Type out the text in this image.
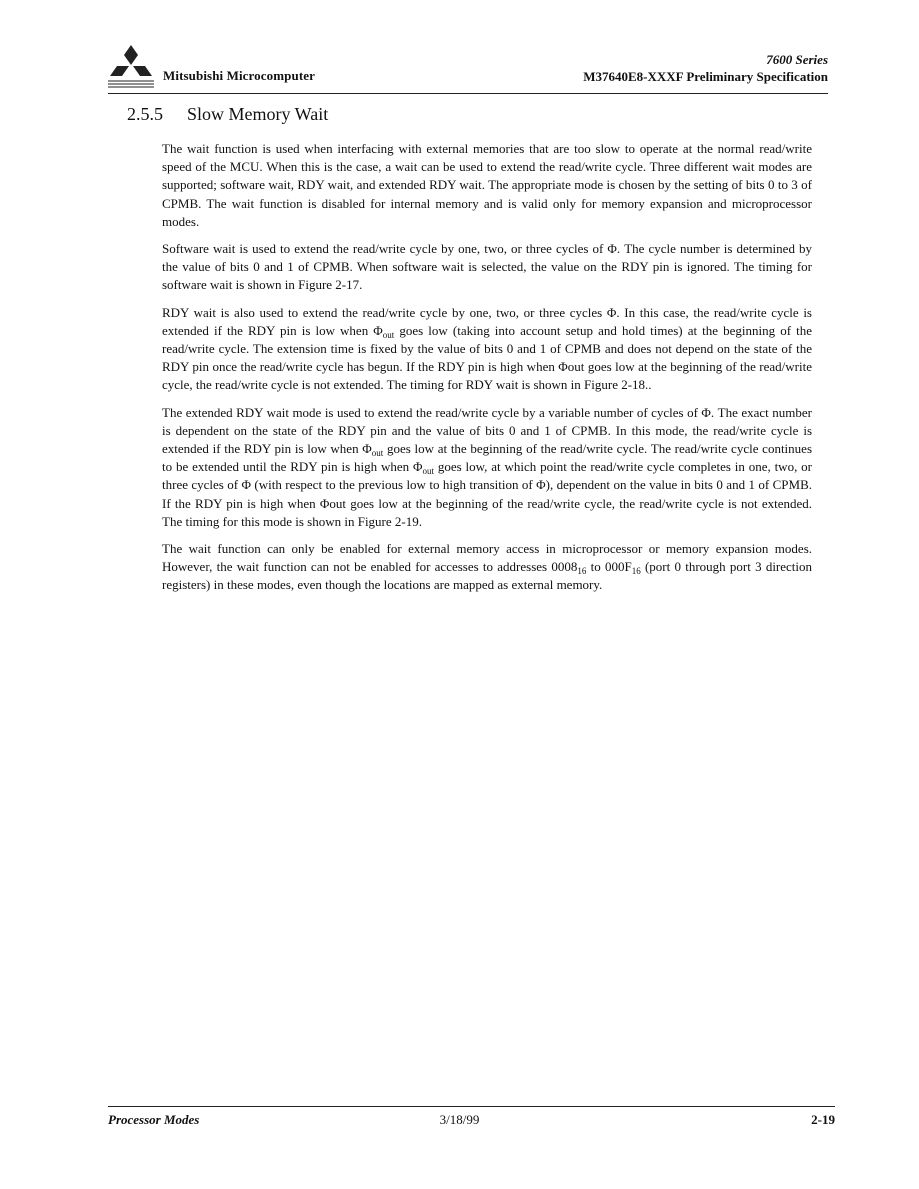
Mitsubishi Microcomputer
7600 Series
M37640E8-XXXF Preliminary Specification
2.5.5 Slow Memory Wait

The wait function is used when interfacing with external memories that are too slow to operate at the normal read/write speed of the MCU. When this is the case, a wait can be used to extend the read/write cycle. Three different wait modes are supported; software wait, RDY wait, and extended RDY wait. The appropriate mode is chosen by the setting of bits 0 to 3 of CPMB. The wait function is disabled for internal memory and is valid only for memory expansion and microprocessor modes.

Software wait is used to extend the read/write cycle by one, two, or three cycles of Φ. The cycle number is determined by the value of bits 0 and 1 of CPMB. When software wait is selected, the value on the RDY pin is ignored. The timing for software wait is shown in Figure 2-17.

RDY wait is also used to extend the read/write cycle by one, two, or three cycles Φ. In this case, the read/write cycle is extended if the RDY pin is low when $\Phi_{out}$ goes low (taking into account setup and hold times) at the beginning of the read/write cycle. The extension time is fixed by the value of bits 0 and 1 of CPMB and does not depend on the state of the RDY pin once the read/write cycle has begun. If the RDY pin is high when Φout goes low at the beginning of the read/write cycle, the read/write cycle is not extended. The timing for RDY wait is shown in Figure 2-18..

The extended RDY wait mode is used to extend the read/write cycle by a variable number of cycles of Φ. The exact number is dependent on the state of the RDY pin and the value of bits 0 and 1 of CPMB. In this mode, the read/write cycle is extended if the RDY pin is low when $\Phi_{out}$ goes low at the beginning of the read/write cycle. The read/write cycle continues to be extended until the RDY pin is high when $\Phi_{out}$ goes low, at which point the read/write cycle completes in one, two, or three cycles of Φ (with respect to the previous low to high transition of Φ), dependent on the value in bits 0 and 1 of CPMB. If the RDY pin is high when Φout goes low at the beginning of the read/write cycle, the read/write cycle is not extended. The timing for this mode is shown in Figure 2-19.

The wait function can only be enabled for external memory access in microprocessor or memory expansion modes. However, the wait function can not be enabled for accesses to addresses $0008_{16}$ to $000F_{16}$ (port 0 through port 3 direction registers) in these modes, even though the locations are mapped as external memory.

Processor Modes	3/18/99	2-19
